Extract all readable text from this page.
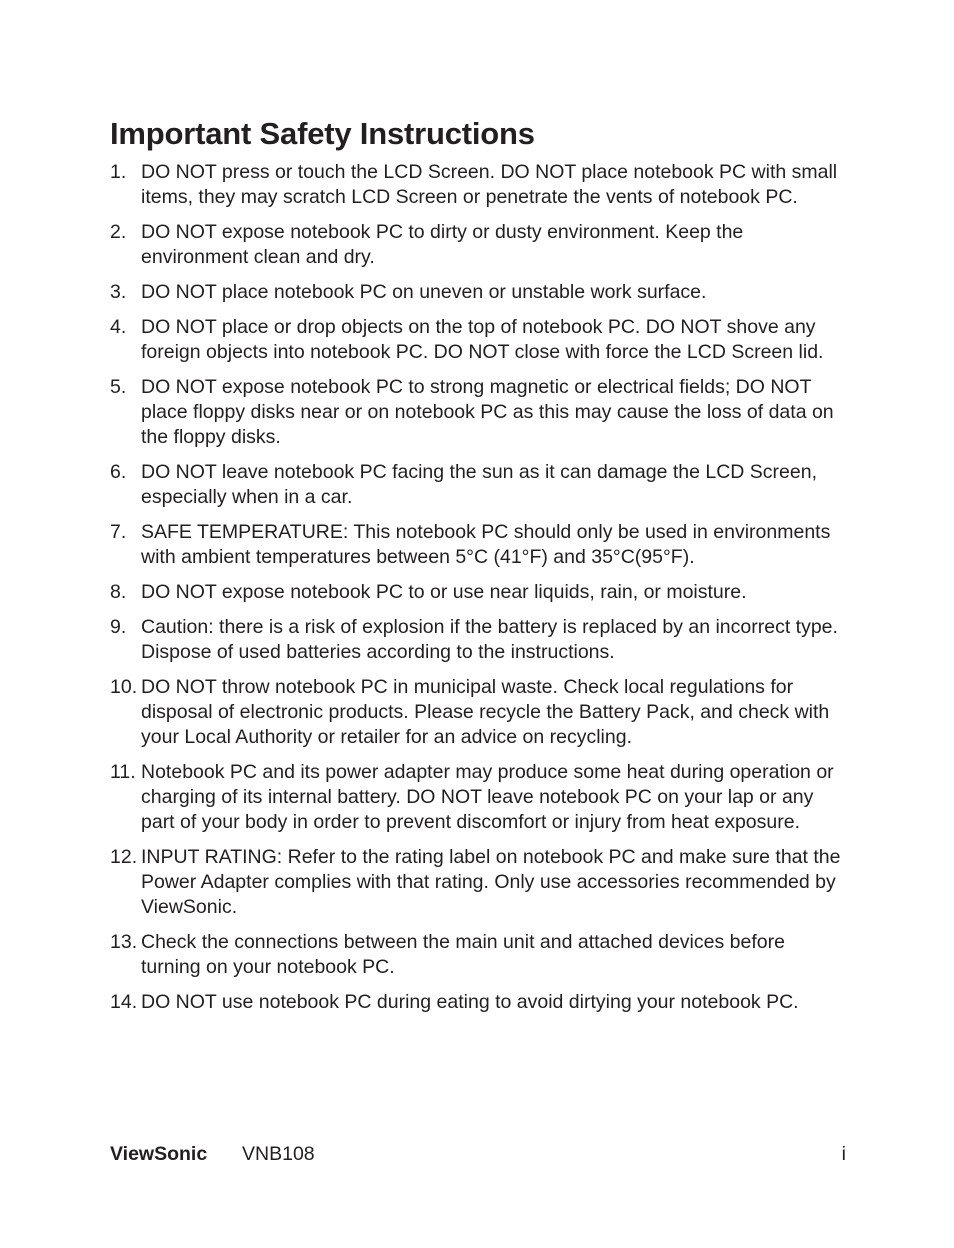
Important Safety Instructions
1. DO NOT press or touch the LCD Screen. DO NOT place notebook PC with small items, they may scratch LCD Screen or penetrate the vents of notebook PC.
2. DO NOT expose notebook PC to dirty or dusty environment. Keep the environment clean and dry.
3. DO NOT place notebook PC on uneven or unstable work surface.
4. DO NOT place or drop objects on the top of notebook PC. DO NOT shove any foreign objects into notebook PC. DO NOT close with force the LCD Screen lid.
5. DO NOT expose notebook PC to strong magnetic or electrical fields; DO NOT place floppy disks near or on notebook PC as this may cause the loss of data on the floppy disks.
6. DO NOT leave notebook PC facing the sun as it can damage the LCD Screen, especially when in a car.
7. SAFE TEMPERATURE: This notebook PC should only be used in environments with ambient temperatures between 5°C (41°F) and 35°C(95°F).
8. DO NOT expose notebook PC to or use near liquids, rain, or moisture.
9. Caution: there is a risk of explosion if the battery is replaced by an incorrect type. Dispose of used batteries according to the instructions.
10. DO NOT throw notebook PC in municipal waste. Check local regulations for disposal of electronic products. Please recycle the Battery Pack, and check with your Local Authority or retailer for an advice on recycling.
11. Notebook PC and its power adapter may produce some heat during operation or charging of its internal battery. DO NOT leave notebook PC on your lap or any part of your body in order to prevent discomfort or injury from heat exposure.
12. INPUT RATING: Refer to the rating label on notebook PC and make sure that the Power Adapter complies with that rating. Only use accessories recommended by ViewSonic.
13. Check the connections between the main unit and attached devices before turning on your notebook PC.
14. DO NOT use notebook PC during eating to avoid dirtying your notebook PC.
ViewSonic VNB108	i
